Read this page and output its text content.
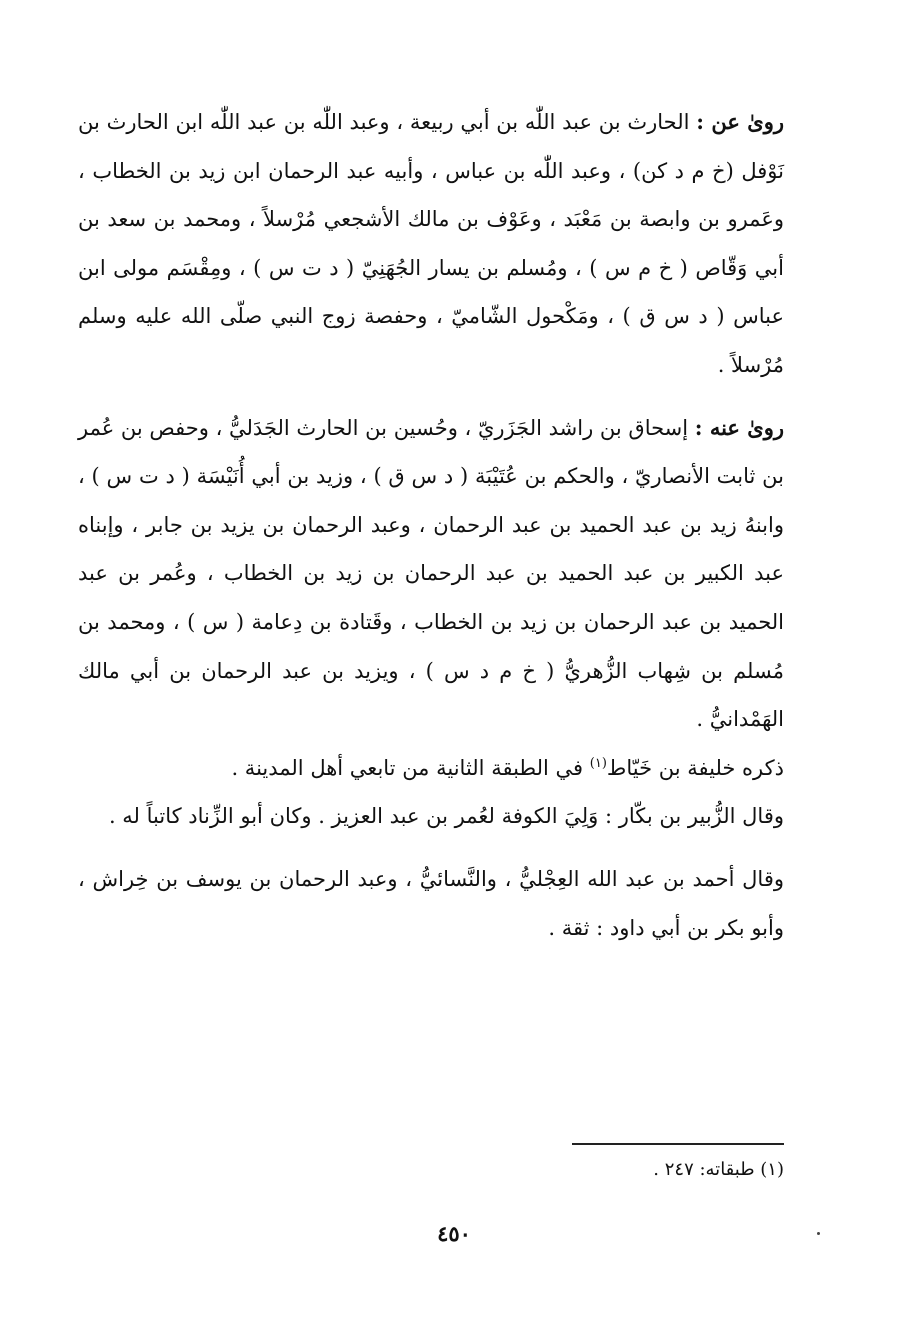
رویٰ عن : الحارث بن عبد اللّٰه بن أبي ربيعة ، وعبد اللّٰه بن عبد اللّٰه ابن الحارث بن نَوْفل (خ م د كن) ، وعبد اللّٰه بن عباس ، وأبيه عبد الرحمان ابن زيد بن الخطاب ، وعَمرو بن وابصة بن مَعْبَد ، وعَوْف بن مالك الأشجعي مُرْسلاً ، ومحمد بن سعد بن أبي وَقّاص ( خ م س ) ، ومُسلم بن يسار الجُهَنِيّ ( د ت س ) ، ومِقْسَم مولى ابن عباس ( د س ق ) ، ومَكْحول الشّاميّ ، وحفصة زوج النبي صلّى الله عليه وسلم مُرْسلاً .

رویٰ عنه : إسحاق بن راشد الجَزَريّ ، وحُسين بن الحارث الجَدَليُّ ، وحفص بن عُمر بن ثابت الأنصاريّ ، والحكم بن عُتَيْبَة ( د س ق ) ، وزيد بن أبي أُنَيْسَة ( د ت س ) ، وابنهُ زيد بن عبد الحميد بن عبد الرحمان ، وعبد الرحمان بن يزيد بن جابر ، وإبناه عبد الكبير بن عبد الحميد بن عبد الرحمان بن زيد بن الخطاب ، وعُمر بن عبد الحميد بن عبد الرحمان بن زيد بن الخطاب ، وقَتادة بن دِعامة ( س ) ، ومحمد بن مُسلم بن شِهاب الزُّهريُّ ( خ م د س ) ، ويزيد بن عبد الرحمان بن أبي مالك الهَمْدانيُّ .

ذكره خليفة بن خَيّاط$^{(١)}$ في الطبقة الثانية من تابعي أهل المدينة .

وقال الزُّبير بن بكّار : وَلِيَ الكوفة لعُمر بن عبد العزيز . وكان أبو الزِّناد كاتباً له .

وقال أحمد بن عبد الله العِجْليُّ ، والنَّسائيُّ ، وعبد الرحمان بن يوسف بن خِراش ، وأبو بكر بن أبي داود : ثقة .

(١) طبقاته: ٢٤٧ .
٤٥٠
